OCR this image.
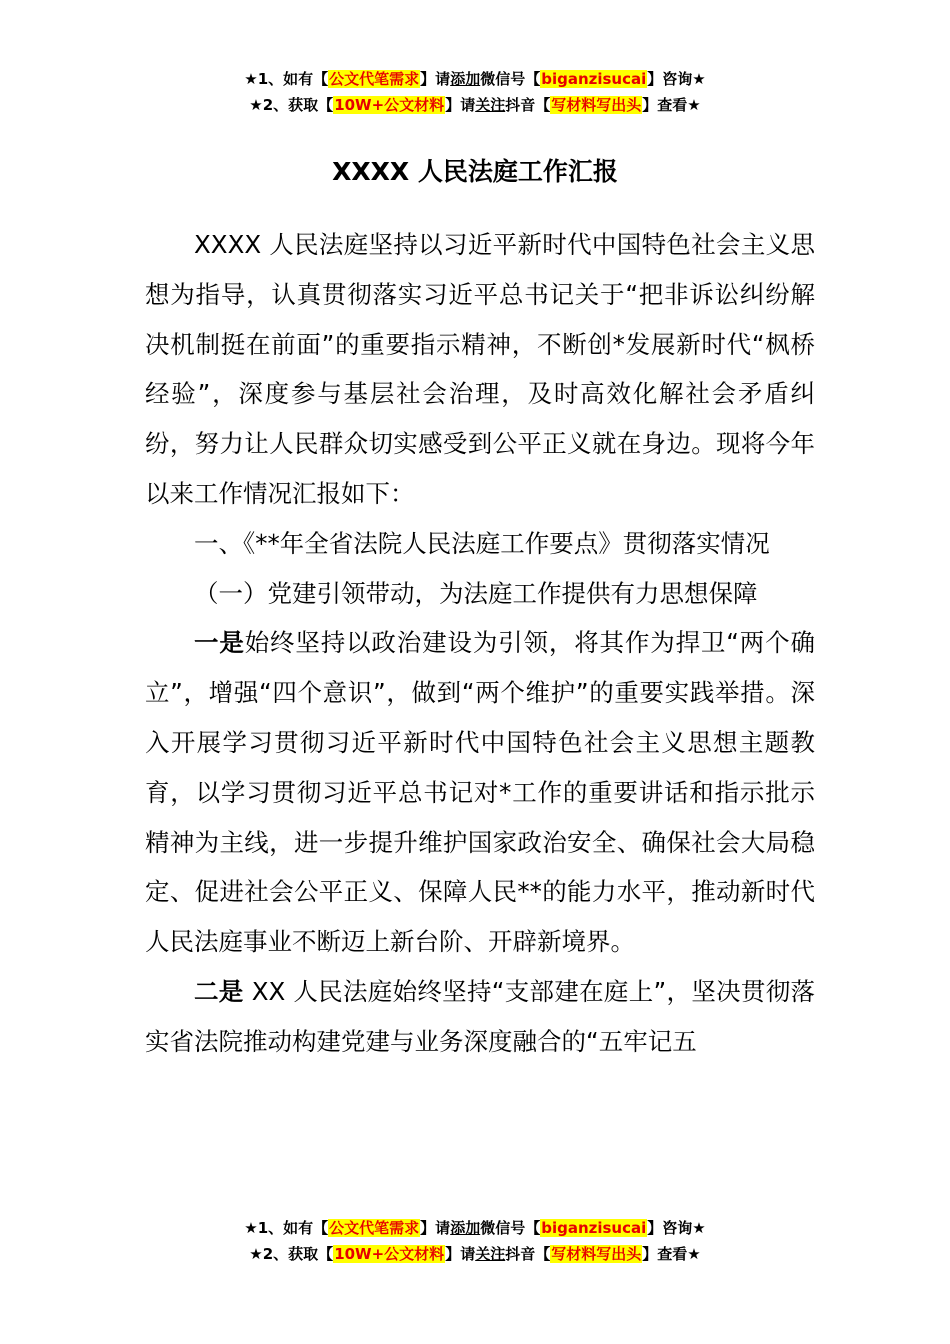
★1、如有【公文代笔需求】请添加微信号【biganzisucai】咨询★
★2、获取【10W+公文材料】请关注抖音【写材料写出头】查看★
XXXX 人民法庭工作汇报

XXXX 人民法庭坚持以习近平新时代中国特色社会主义思想为指导，认真贯彻落实习近平总书记关于“把非诉讼纠纷解决机制挺在前面”的重要指示精神，不断创*发展新时代“枫桥经验”，深度参与基层社会治理，及时高效化解社会矛盾纠纷，努力让人民群众切实感受到公平正义就在身边。现将今年以来工作情况汇报如下：

一、《**年全省法院人民法庭工作要点》贯彻落实情况

（一）党建引领带动，为法庭工作提供有力思想保障

一是始终坚持以政治建设为引领，将其作为捍卫“两个确立”，增强“四个意识”，做到“两个维护”的重要实践举措。深入开展学习贯彻习近平新时代中国特色社会主义思想主题教育，以学习贯彻习近平总书记对*工作的重要讲话和指示批示精神为主线，进一步提升维护国家政治安全、确保社会大局稳定、促进社会公平正义、保障人民**的能力水平，推动新时代人民法庭事业不断迈上新台阶、开辟新境界。

二是 XX 人民法庭始终坚持“支部建在庭上”，坚决贯彻落实省法院推动构建党建与业务深度融合的“五牢记五

★1、如有【公文代笔需求】请添加微信号【biganzisucai】咨询★
★2、获取【10W+公文材料】请关注抖音【写材料写出头】查看★
